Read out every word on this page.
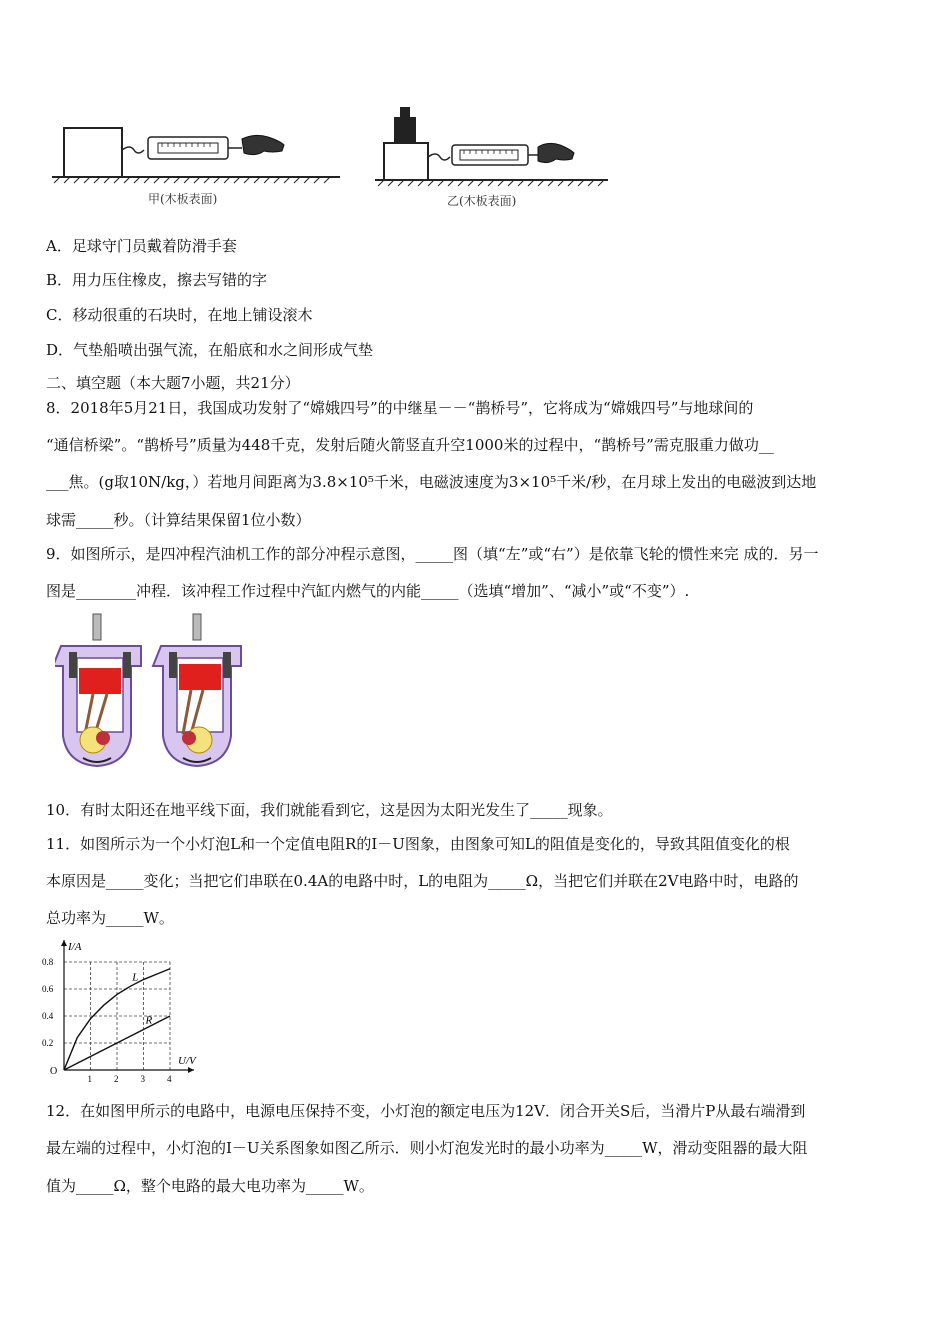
甲(木板表面)	乙(木板表面)
A．足球守门员戴着防滑手套
B．用力压住橡皮，擦去写错的字
C．移动很重的石块时，在地上铺设滚木
D．气垫船喷出强气流，在船底和水之间形成气垫
二、填空题（本大题7小题，共21分）
8．2018年5月21日，我国成功发射了“嫦娥四号”的中继星－－“鹊桥号”，它将成为“嫦娥四号”与地球间的
“通信桥梁”。“鹊桥号”质量为448千克，发射后随火箭竖直升空1000米的过程中，“鹊桥号”需克服重力做功__
___焦。(g取10N/kg，）若地月间距离为3.8×10⁵千米，电磁波速度为3×10⁵千米/秒，在月球上发出的电磁波到达地
球需_____秒。（计算结果保留1位小数）
9．如图所示，是四冲程汽油机工作的部分冲程示意图，_____图（填“左”或“右”）是依靠飞轮的惯性来完 成的．另一
图是________冲程．该冲程工作过程中汽缸内燃气的内能_____（选填“增加”、“减小”或“不变”）.
10．有时太阳还在地平线下面，我们就能看到它，这是因为太阳光发生了_____现象。
11．如图所示为一个小灯泡L和一个定值电阻R的I－U图象，由图象可知L的阻值是变化的，导致其阻值变化的根
本原因是_____变化；当把它们串联在0.4A的电路中时，L的电阻为_____Ω，当把它们并联在2V电路中时，电路的
总功率为_____W。
L
R
U/V
I/A
O
1 2 3 4
0.2
0.4
0.6
0.8
12．在如图甲所示的电路中，电源电压保持不变，小灯泡的额定电压为12V．闭合开关S后，当滑片P从最右端滑到
最左端的过程中，小灯泡的I－U关系图象如图乙所示．则小灯泡发光时的最小功率为_____W，滑动变阻器的最大阻
值为_____Ω，整个电路的最大电功率为_____W。
